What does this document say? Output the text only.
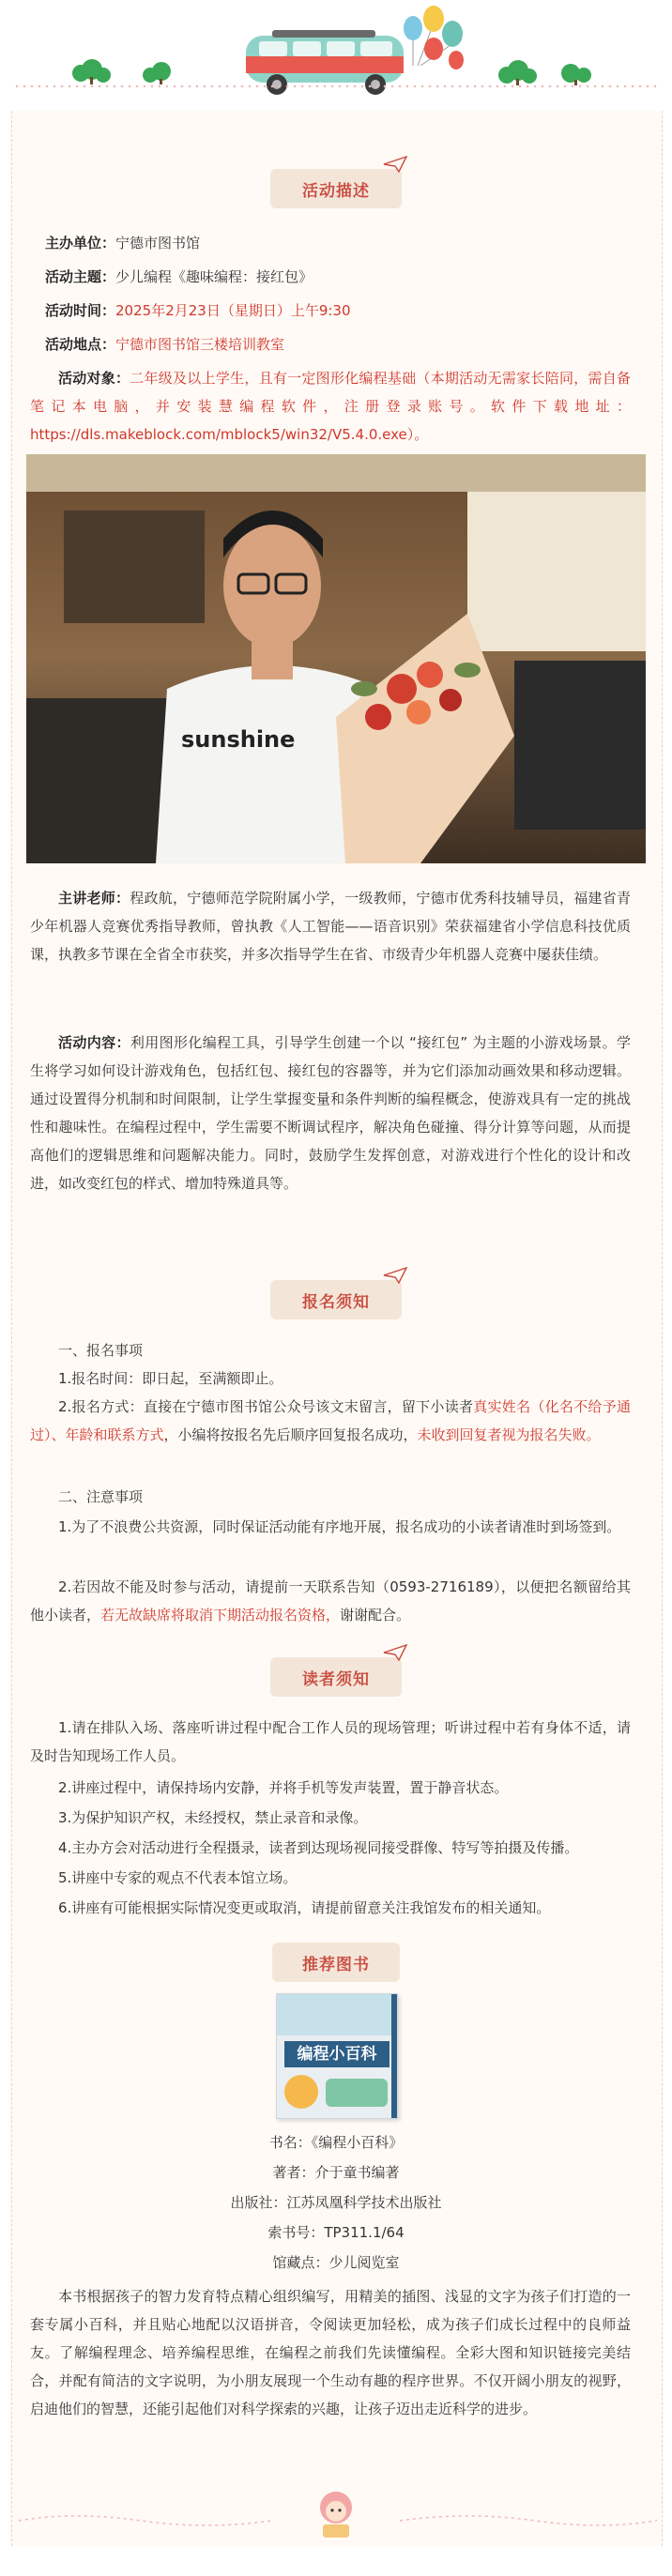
活动描述
主办单位：宁德市图书馆
活动主题：少儿编程《趣味编程：接红包》
活动时间：2025年2月23日（星期日）上午9:30
活动地点：宁德市图书馆三楼培训教室
活动对象：二年级及以上学生，且有一定图形化编程基础（本期活动无需家长陪同，需自备笔记本电脑，并安装慧编程软件，注册登录账号。软件下载地址：https://dls.makeblock.com/mblock5/win32/V5.4.0.exe）。
sunshine
主讲老师：程政航，宁德师范学院附属小学，一级教师，宁德市优秀科技辅导员，福建省青少年机器人竞赛优秀指导教师，曾执教《人工智能——语音识别》荣获福建省小学信息科技优质课，执教多节课在全省全市获奖，并多次指导学生在省、市级青少年机器人竞赛中屡获佳绩。
活动内容：利用图形化编程工具，引导学生创建一个以 “接红包” 为主题的小游戏场景。学生将学习如何设计游戏角色，包括红包、接红包的容器等，并为它们添加动画效果和移动逻辑。通过设置得分机制和时间限制，让学生掌握变量和条件判断的编程概念，使游戏具有一定的挑战性和趣味性。在编程过程中，学生需要不断调试程序，解决角色碰撞、得分计算等问题，从而提高他们的逻辑思维和问题解决能力。同时，鼓励学生发挥创意，对游戏进行个性化的设计和改进，如改变红包的样式、增加特殊道具等。
报名须知
一、报名事项
1.报名时间：即日起，至满额即止。
2.报名方式：直接在宁德市图书馆公众号该文末留言，留下小读者真实姓名（化名不给予通过）、年龄和联系方式，小编将按报名先后顺序回复报名成功，未收到回复者视为报名失败。
二、注意事项
1.为了不浪费公共资源，同时保证活动能有序地开展，报名成功的小读者请准时到场签到。
2.若因故不能及时参与活动，请提前一天联系告知（0593-2716189），以便把名额留给其他小读者，若无故缺席将取消下期活动报名资格，谢谢配合。
读者须知
1.请在排队入场、落座听讲过程中配合工作人员的现场管理；听讲过程中若有身体不适，请及时告知现场工作人员。
2.讲座过程中，请保持场内安静，并将手机等发声装置，置于静音状态。
3.为保护知识产权，未经授权，禁止录音和录像。
4.主办方会对活动进行全程摄录，读者到达现场视同接受群像、特写等拍摄及传播。
5.讲座中专家的观点不代表本馆立场。
6.讲座有可能根据实际情况变更或取消，请提前留意关注我馆发布的相关通知。
推荐图书
编程小百科
书名：《编程小百科》
著者：介于童书编著
出版社：江苏凤凰科学技术出版社
索书号：TP311.1/64
馆藏点：少儿阅览室
本书根据孩子的智力发育特点精心组织编写，用精美的插图、浅显的文字为孩子们打造的一套专属小百科，并且贴心地配以汉语拼音，令阅读更加轻松，成为孩子们成长过程中的良师益友。了解编程理念、培养编程思维，在编程之前我们先读懂编程。全彩大图和知识链接完美结合，并配有简洁的文字说明，为小朋友展现一个生动有趣的程序世界。不仅开阔小朋友的视野，启迪他们的智慧，还能引起他们对科学探索的兴趣，让孩子迈出走近科学的进步。
